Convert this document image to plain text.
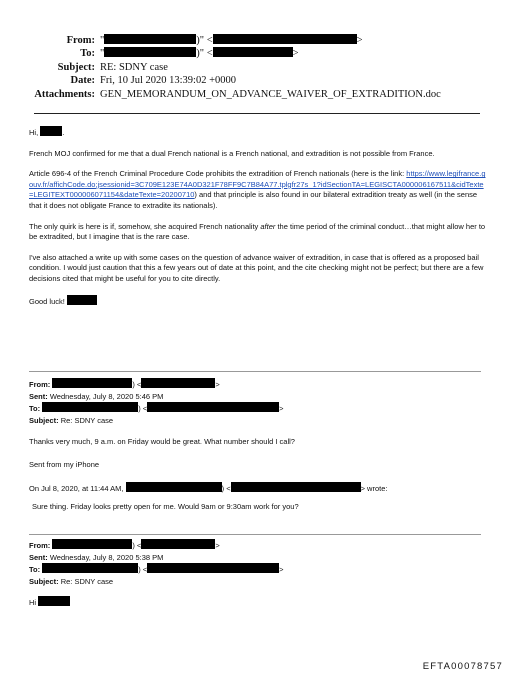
From: "	)" <	>
To: "	)" <	>
Subject: RE: SDNY case
Date: Fri, 10 Jul 2020 13:39:02 +0000
Attachments: GEN_MEMORANDUM_ON_ADVANCE_WAIVER_OF_EXTRADITION.doc

Hi,	.

French MOJ confirmed for me that a dual French national is a French national, and extradition is not possible from France.

Article 696-4 of the French Criminal Procedure Code prohibits the extradition of French nationals (here is the link: https://www.legifrance.gouv.fr/affichCode.do;jsessionid=3C709E123E74A0D321F78FF9C7B84A77.tplgfr27s_1?idSectionTA=LEGISCTA000006167511&cidTexte=LEGITEXT000006071154&dateTexte=20200710) and that principle is also found in our bilateral extradition treaty as well (in the sense that it does not obligate France to extradite its nationals).

The only quirk is here is if, somehow, she acquired French nationality after the time period of the criminal conduct…that might allow her to be extradited, but I imagine that is the rare case.

I've also attached a write up with some cases on the question of advance waiver of extradition, in case that is offered as a proposed bail condition. I would just caution that this a few years out of date at this point, and the cite checking might not be perfect; but there are a few decisions cited that might be useful for you to cite directly.

Good luck!

From:	) <	>
Sent: Wednesday, July 8, 2020 5:46 PM
To:	) <	>
Subject: Re: SDNY case
Thanks very much, 9 a.m. on Friday would be great. What number should I call?
Sent from my iPhone
On Jul 8, 2020, at 11:44 AM,	) <	> wrote:
Sure thing. Friday looks pretty open for me. Would 9am or 9:30am work for you?
From:	) <	>
Sent: Wednesday, July 8, 2020 5:38 PM
To:	) <	>
Subject: Re: SDNY case
Hi
EFTA00078757
